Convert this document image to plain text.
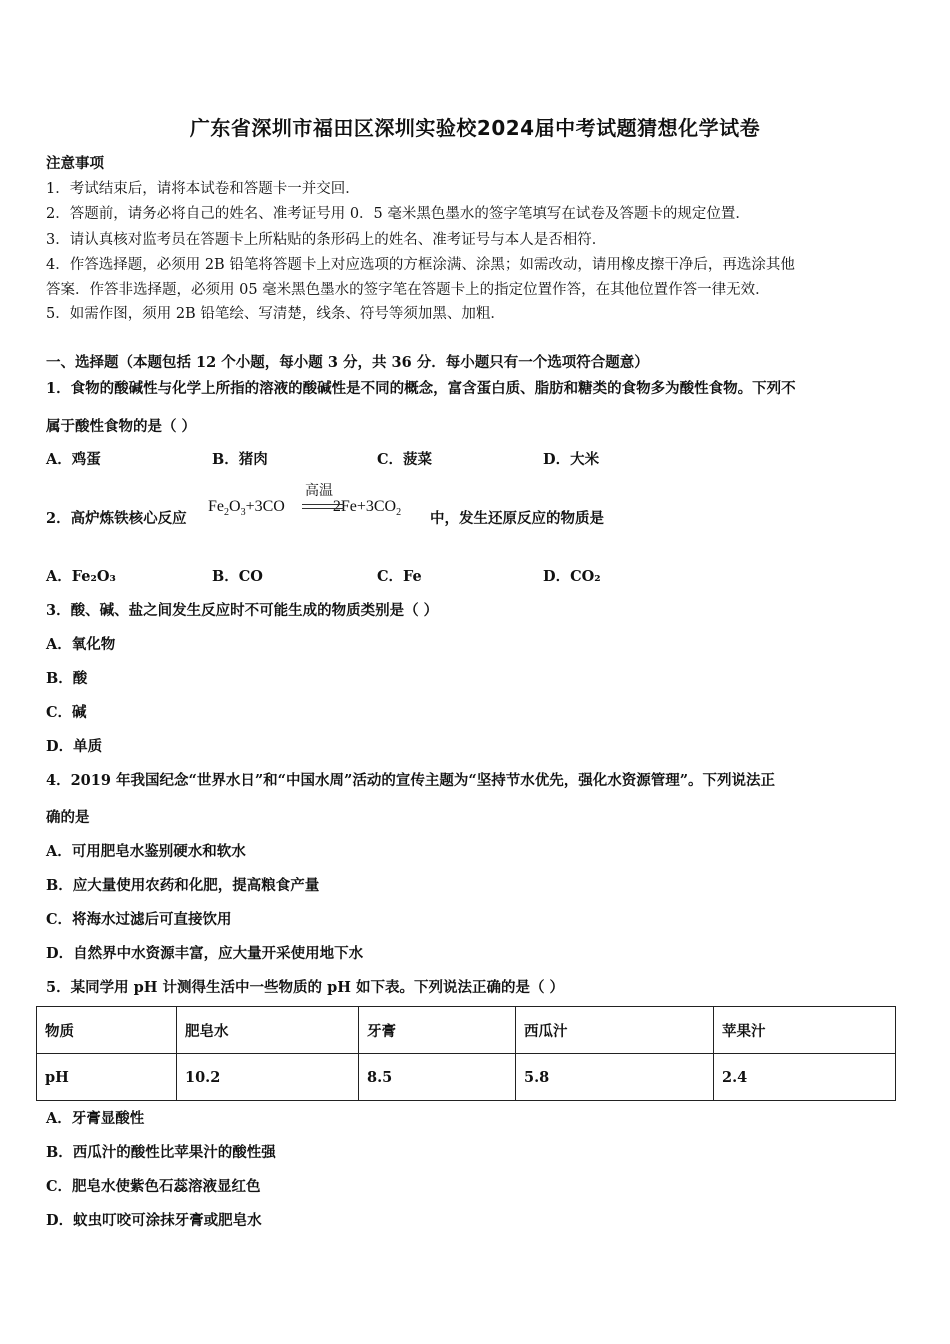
广东省深圳市福田区深圳实验校2024届中考试题猜想化学试卷
注意事项
1．考试结束后，请将本试卷和答题卡一并交回．
2．答题前，请务必将自己的姓名、准考证号用 0．5 毫米黑色墨水的签字笔填写在试卷及答题卡的规定位置．
3．请认真核对监考员在答题卡上所粘贴的条形码上的姓名、准考证号与本人是否相符．
4．作答选择题，必须用 2B 铅笔将答题卡上对应选项的方框涂满、涂黑；如需改动，请用橡皮擦干净后，再选涂其他
答案．作答非选择题，必须用 05 毫米黑色墨水的签字笔在答题卡上的指定位置作答，在其他位置作答一律无效．
5．如需作图，须用 2B 铅笔绘、写清楚，线条、符号等须加黑、加粗．
一、选择题（本题包括 12 个小题，每小题 3 分，共 36 分．每小题只有一个选项符合题意）
1．食物的酸碱性与化学上所指的溶液的酸碱性是不同的概念，富含蛋白质、脂肪和糖类的食物多为酸性食物。下列不
属于酸性食物的是（ ）
A．鸡蛋	B．猪肉	C．菠菜	D．大米
2．高炉炼铁核心反应
$Fe_2O_3+3CO$	$2Fe+3CO_2$
高温
中，发生还原反应的物质是
A．Fe₂O₃	B．CO	C．Fe	D．CO₂
3．酸、碱、盐之间发生反应时不可能生成的物质类别是（ ）
A．氧化物
B．酸
C．碱
D．单质
4．2019 年我国纪念“世界水日”和“中国水周”活动的宣传主题为“坚持节水优先，强化水资源管理”。下列说法正
确的是
A．可用肥皂水鉴别硬水和软水
B．应大量使用农药和化肥，提高粮食产量
C．将海水过滤后可直接饮用
D．自然界中水资源丰富，应大量开采使用地下水
5．某同学用 pH 计测得生活中一些物质的 pH 如下表。下列说法正确的是（ ）
物质	肥皂水	牙膏	西瓜汁	苹果汁
pH	10.2	8.5	5.8	2.4
A．牙膏显酸性
B．西瓜汁的酸性比苹果汁的酸性强
C．肥皂水使紫色石蕊溶液显红色
D．蚊虫叮咬可涂抹牙膏或肥皂水
